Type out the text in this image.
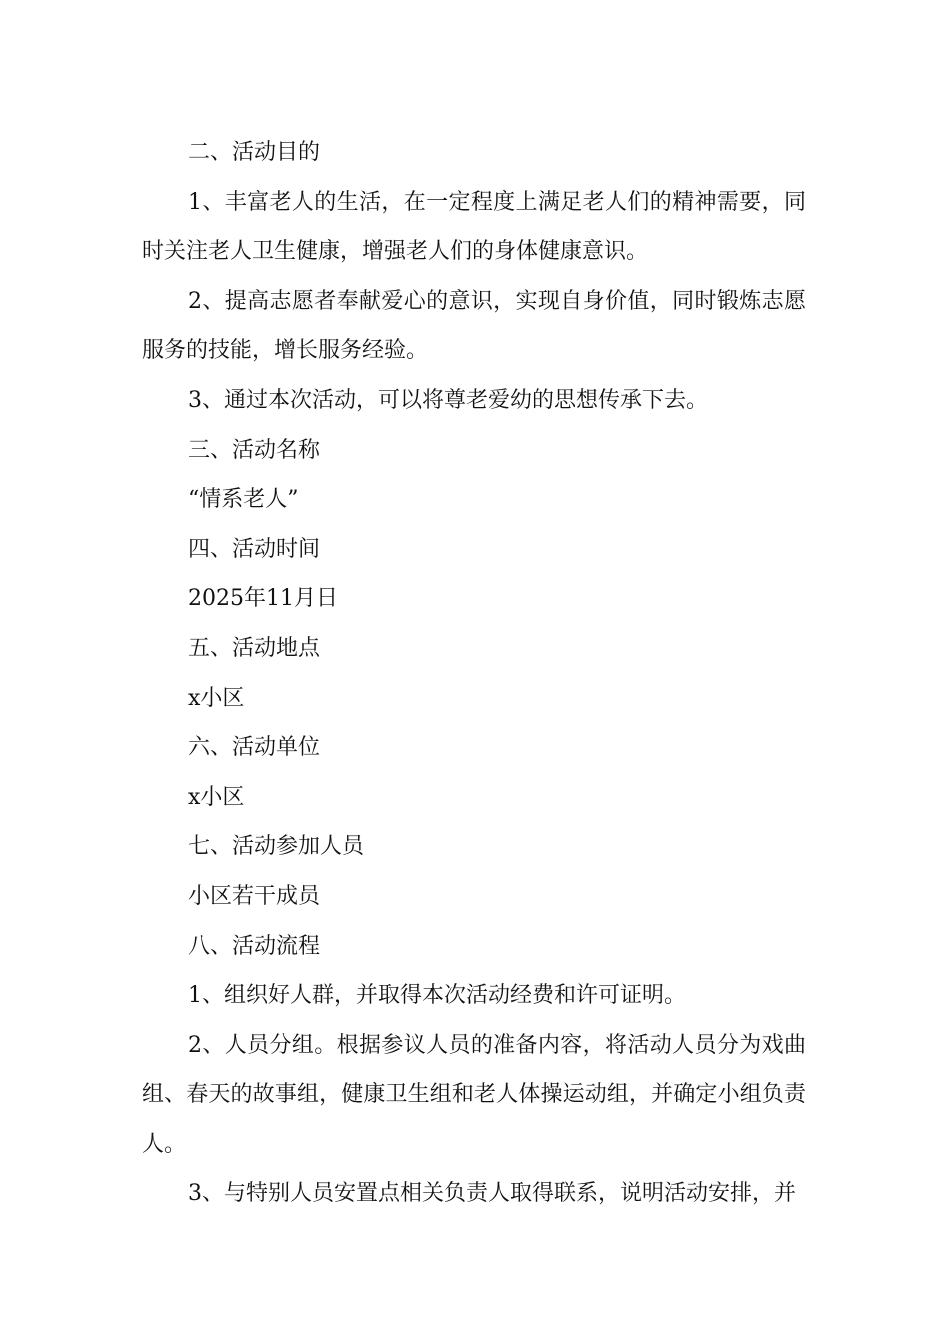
二、活动目的

1、丰富老人的生活，在一定程度上满足老人们的精神需要，同时关注老人卫生健康，增强老人们的身体健康意识。

2、提高志愿者奉献爱心的意识，实现自身价值，同时锻炼志愿服务的技能，增长服务经验。

3、通过本次活动，可以将尊老爱幼的思想传承下去。

三、活动名称

“情系老人”

四、活动时间

2025年11月日

五、活动地点

x小区

六、活动单位

x小区

七、活动参加人员

小区若干成员

八、活动流程

1、组织好人群，并取得本次活动经费和许可证明。

2、人员分组。根据参议人员的准备内容，将活动人员分为戏曲组、春天的故事组，健康卫生组和老人体操运动组，并确定小组负责人。

3、与特别人员安置点相关负责人取得联系，说明活动安排，并
